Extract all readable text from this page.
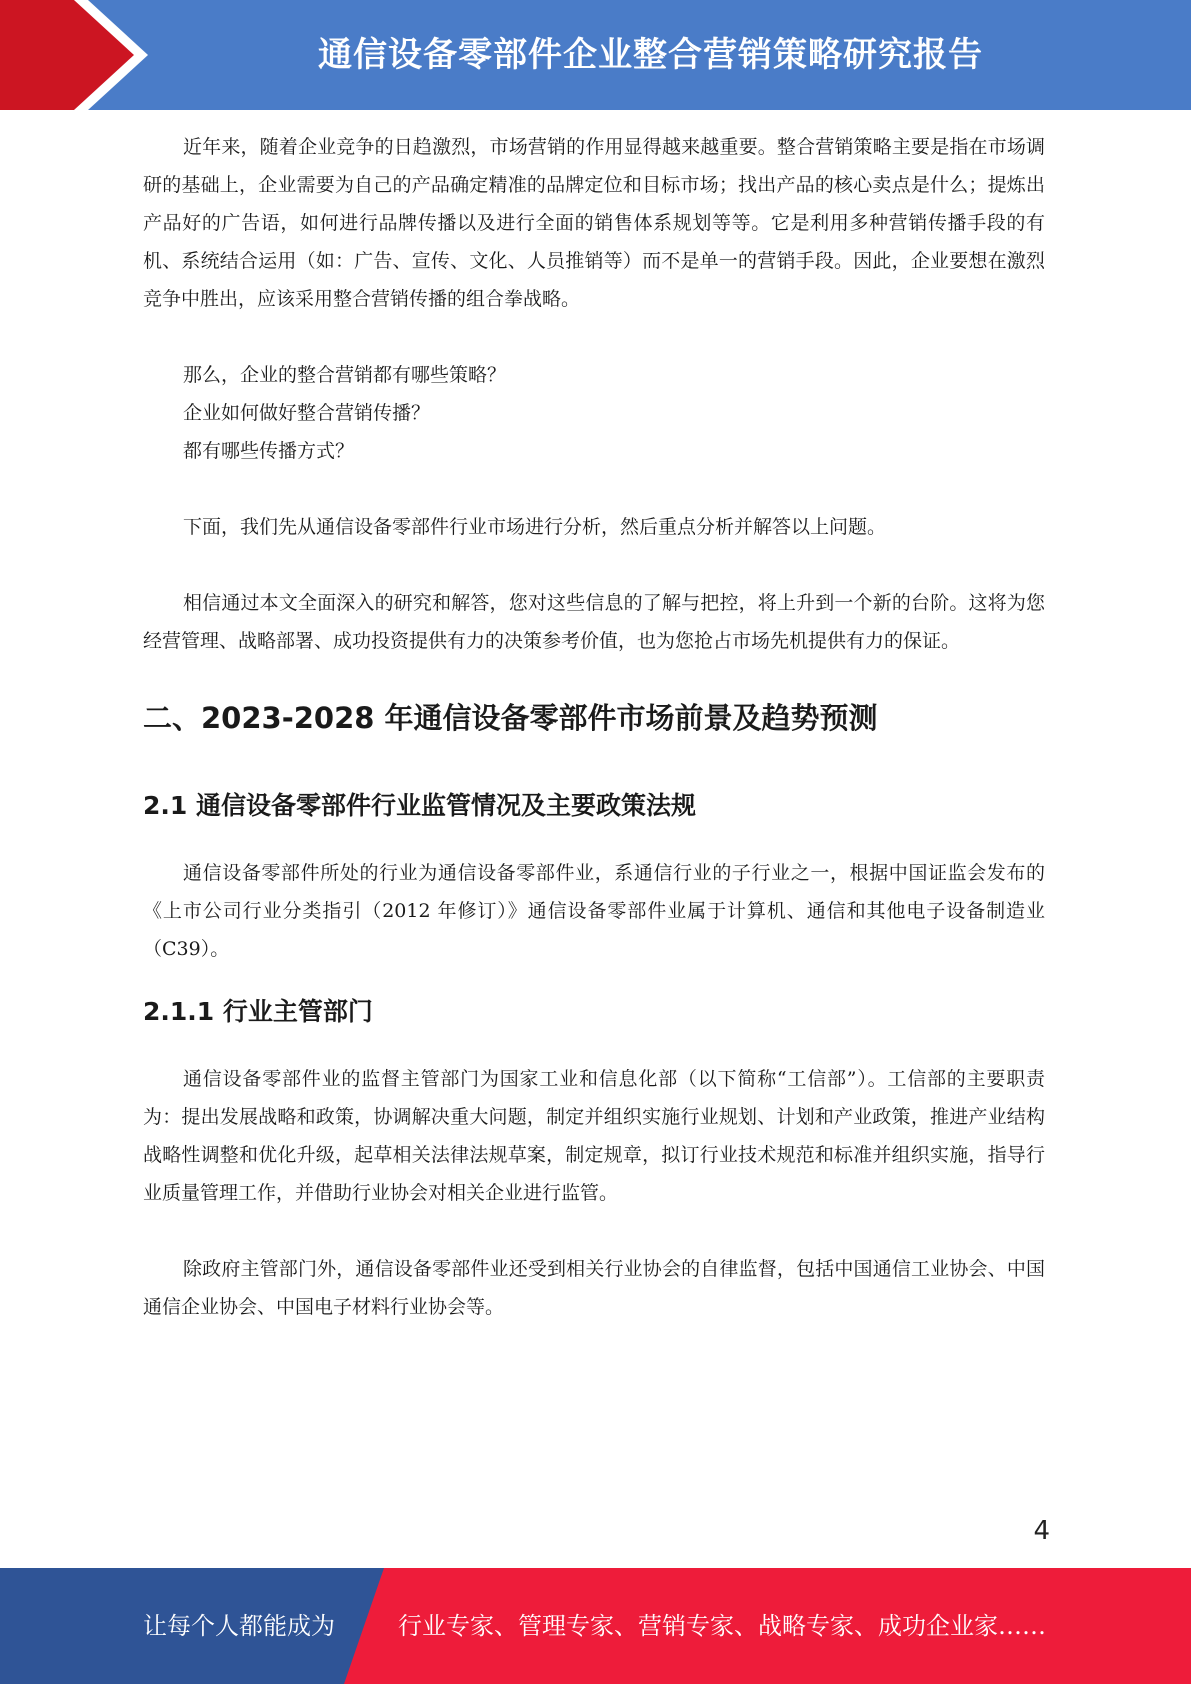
通信设备零部件企业整合营销策略研究报告

近年来，随着企业竞争的日趋激烈，市场营销的作用显得越来越重要。整合营销策略主要是指在市场调研的基础上，企业需要为自己的产品确定精准的品牌定位和目标市场；找出产品的核心卖点是什么；提炼出产品好的广告语，如何进行品牌传播以及进行全面的销售体系规划等等。它是利用多种营销传播手段的有机、系统结合运用（如：广告、宣传、文化、人员推销等）而不是单一的营销手段。因此，企业要想在激烈竞争中胜出，应该采用整合营销传播的组合拳战略。

那么，企业的整合营销都有哪些策略？

企业如何做好整合营销传播？

都有哪些传播方式？

下面，我们先从通信设备零部件行业市场进行分析，然后重点分析并解答以上问题。

相信通过本文全面深入的研究和解答，您对这些信息的了解与把控，将上升到一个新的台阶。这将为您经营管理、战略部署、成功投资提供有力的决策参考价值，也为您抢占市场先机提供有力的保证。

二、2023-2028 年通信设备零部件市场前景及趋势预测
2.1 通信设备零部件行业监管情况及主要政策法规

通信设备零部件所处的行业为通信设备零部件业，系通信行业的子行业之一，根据中国证监会发布的《上市公司行业分类指引（2012 年修订）》通信设备零部件业属于计算机、通信和其他电子设备制造业（C39）。

2.1.1 行业主管部门

通信设备零部件业的监督主管部门为国家工业和信息化部（以下简称“工信部”）。工信部的主要职责为：提出发展战略和政策，协调解决重大问题，制定并组织实施行业规划、计划和产业政策，推进产业结构战略性调整和优化升级，起草相关法律法规草案，制定规章，拟订行业技术规范和标准并组织实施，指导行业质量管理工作，并借助行业协会对相关企业进行监管。

除政府主管部门外，通信设备零部件业还受到相关行业协会的自律监督，包括中国通信工业协会、中国通信企业协会、中国电子材料行业协会等。

4
让每个人都能成为	行业专家、管理专家、营销专家、战略专家、成功企业家……
